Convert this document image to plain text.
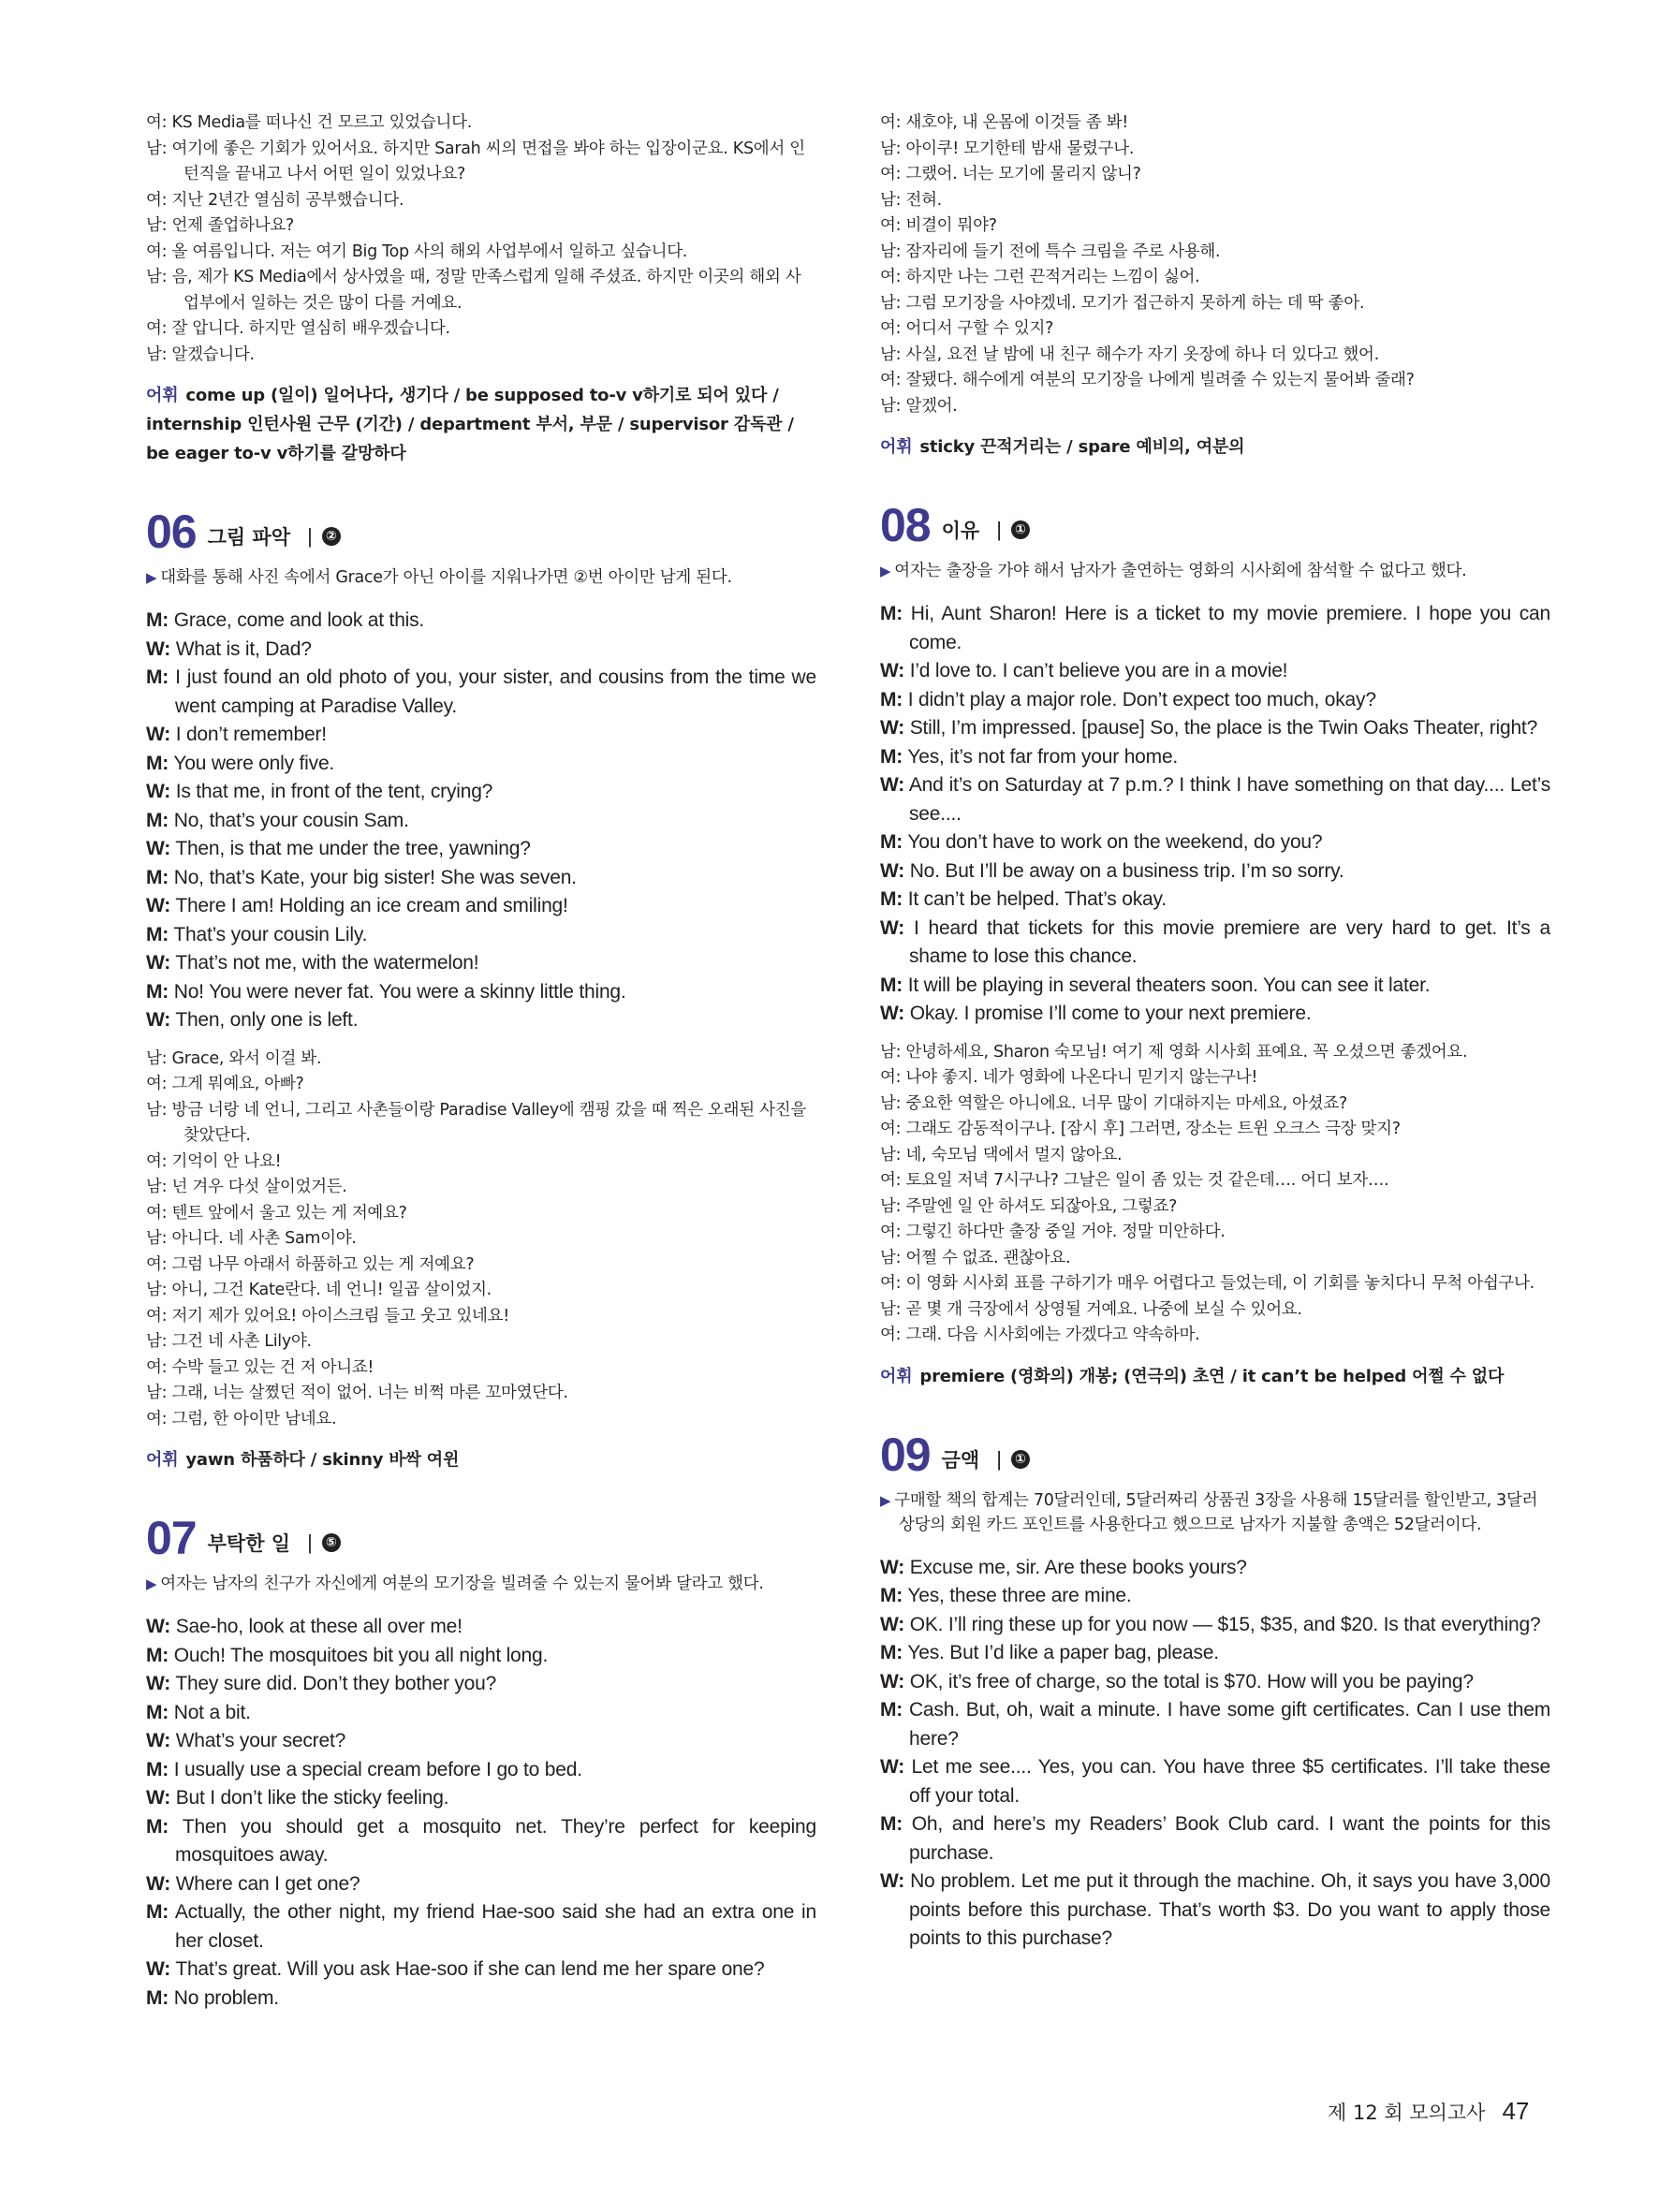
여: KS Media를 떠나신 건 모르고 있었습니다.
남: 여기에 좋은 기회가 있어서요. 하지만 Sarah 씨의 면접을 봐야 하는 입장이군요. KS에서 인턴직을 끝내고 나서 어떤 일이 있었나요?
여: 지난 2년간 열심히 공부했습니다.
남: 언제 졸업하나요?
여: 올 여름입니다. 저는 여기 Big Top 사의 해외 사업부에서 일하고 싶습니다.
남: 음, 제가 KS Media에서 상사였을 때, 정말 만족스럽게 일해 주셨죠. 하지만 이곳의 해외 사업부에서 일하는 것은 많이 다를 거예요.
여: 잘 압니다. 하지만 열심히 배우겠습니다.
남: 알겠습니다.
어휘 come up (일이) 일어나다, 생기다 / be supposed to-v v하기로 되어 있다 / internship 인턴사원 근무 (기간) / department 부서, 부문 / supervisor 감독관 / be eager to-v v하기를 갈망하다
06 그림 파악 | ②
▶ 대화를 통해 사진 속에서 Grace가 아닌 아이를 지워나가면 ②번 아이만 남게 된다.
M: Grace, come and look at this.
W: What is it, Dad?
M: I just found an old photo of you, your sister, and cousins from the time we went camping at Paradise Valley.
W: I don’t remember!
M: You were only five.
W: Is that me, in front of the tent, crying?
M: No, that’s your cousin Sam.
W: Then, is that me under the tree, yawning?
M: No, that’s Kate, your big sister! She was seven.
W: There I am! Holding an ice cream and smiling!
M: That’s your cousin Lily.
W: That’s not me, with the watermelon!
M: No! You were never fat. You were a skinny little thing.
W: Then, only one is left.
남: Grace, 와서 이걸 봐.
여: 그게 뭐예요, 아빠?
남: 방금 너랑 네 언니, 그리고 사촌들이랑 Paradise Valley에 캠핑 갔을 때 찍은 오래된 사진을 찾았단다.
여: 기억이 안 나요!
남: 넌 겨우 다섯 살이었거든.
여: 텐트 앞에서 울고 있는 게 저예요?
남: 아니다. 네 사촌 Sam이야.
여: 그럼 나무 아래서 하품하고 있는 게 저예요?
남: 아니, 그건 Kate란다. 네 언니! 일곱 살이었지.
여: 저기 제가 있어요! 아이스크림 들고 웃고 있네요!
남: 그건 네 사촌 Lily야.
여: 수박 들고 있는 건 저 아니죠!
남: 그래, 너는 살쪘던 적이 없어. 너는 비쩍 마른 꼬마였단다.
여: 그럼, 한 아이만 남네요.
어휘 yawn 하품하다 / skinny 바싹 여윈
07 부탁한 일 | ⑤
▶ 여자는 남자의 친구가 자신에게 여분의 모기장을 빌려줄 수 있는지 물어봐 달라고 했다.
W: Sae-ho, look at these all over me!
M: Ouch! The mosquitoes bit you all night long.
W: They sure did. Don’t they bother you?
M: Not a bit.
W: What’s your secret?
M: I usually use a special cream before I go to bed.
W: But I don’t like the sticky feeling.
M: Then you should get a mosquito net. They’re perfect for keeping mosquitoes away.
W: Where can I get one?
M: Actually, the other night, my friend Hae-soo said she had an extra one in her closet.
W: That’s great. Will you ask Hae-soo if she can lend me her spare one?
M: No problem.
여: 새호야, 내 온몸에 이것들 좀 봐!
남: 아이쿠! 모기한테 밤새 물렸구나.
여: 그랬어. 너는 모기에 물리지 않니?
남: 전혀.
여: 비결이 뭐야?
남: 잠자리에 들기 전에 특수 크림을 주로 사용해.
여: 하지만 나는 그런 끈적거리는 느낌이 싫어.
남: 그럼 모기장을 사야겠네. 모기가 접근하지 못하게 하는 데 딱 좋아.
여: 어디서 구할 수 있지?
남: 사실, 요전 날 밤에 내 친구 해수가 자기 옷장에 하나 더 있다고 했어.
여: 잘됐다. 해수에게 여분의 모기장을 나에게 빌려줄 수 있는지 물어봐 줄래?
남: 알겠어.
어휘 sticky 끈적거리는 / spare 예비의, 여분의
08 이유 | ①
▶ 여자는 출장을 가야 해서 남자가 출연하는 영화의 시사회에 참석할 수 없다고 했다.
M: Hi, Aunt Sharon! Here is a ticket to my movie premiere. I hope you can come.
W: I’d love to. I can’t believe you are in a movie!
M: I didn’t play a major role. Don’t expect too much, okay?
W: Still, I’m impressed. [pause] So, the place is the Twin Oaks Theater, right?
M: Yes, it’s not far from your home.
W: And it’s on Saturday at 7 p.m.? I think I have something on that day.... Let’s see....
M: You don’t have to work on the weekend, do you?
W: No. But I’ll be away on a business trip. I’m so sorry.
M: It can’t be helped. That’s okay.
W: I heard that tickets for this movie premiere are very hard to get. It’s a shame to lose this chance.
M: It will be playing in several theaters soon. You can see it later.
W: Okay. I promise I’ll come to your next premiere.
남: 안녕하세요, Sharon 숙모님! 여기 제 영화 시사회 표예요. 꼭 오셨으면 좋겠어요.
여: 나야 좋지. 네가 영화에 나온다니 믿기지 않는구나!
남: 중요한 역할은 아니에요. 너무 많이 기대하지는 마세요, 아셨죠?
여: 그래도 감동적이구나. [잠시 후] 그러면, 장소는 트윈 오크스 극장 맞지?
남: 네, 숙모님 댁에서 멀지 않아요.
여: 토요일 저녁 7시구나? 그날은 일이 좀 있는 것 같은데…. 어디 보자….
남: 주말엔 일 안 하셔도 되잖아요, 그렇죠?
여: 그렇긴 하다만 출장 중일 거야. 정말 미안하다.
남: 어쩔 수 없죠. 괜찮아요.
여: 이 영화 시사회 표를 구하기가 매우 어렵다고 들었는데, 이 기회를 놓치다니 무척 아쉽구나.
남: 곧 몇 개 극장에서 상영될 거예요. 나중에 보실 수 있어요.
여: 그래. 다음 시사회에는 가겠다고 약속하마.
어휘 premiere (영화의) 개봉; (연극의) 초연 / it can’t be helped 어쩔 수 없다
09 금액 | ①
▶ 구매할 책의 합계는 70달러인데, 5달러짜리 상품권 3장을 사용해 15달러를 할인받고, 3달러 상당의 회원 카드 포인트를 사용한다고 했으므로 남자가 지불할 총액은 52달러이다.
W: Excuse me, sir. Are these books yours?
M: Yes, these three are mine.
W: OK. I’ll ring these up for you now — $15, $35, and $20. Is that everything?
M: Yes. But I’d like a paper bag, please.
W: OK, it’s free of charge, so the total is $70. How will you be paying?
M: Cash. But, oh, wait a minute. I have some gift certificates. Can I use them here?
W: Let me see.... Yes, you can. You have three $5 certificates. I’ll take these off your total.
M: Oh, and here’s my Readers’ Book Club card. I want the points for this purchase.
W: No problem. Let me put it through the machine. Oh, it says you have 3,000 points before this purchase. That’s worth $3. Do you want to apply those points to this purchase?
제 12 회 모의고사 47
